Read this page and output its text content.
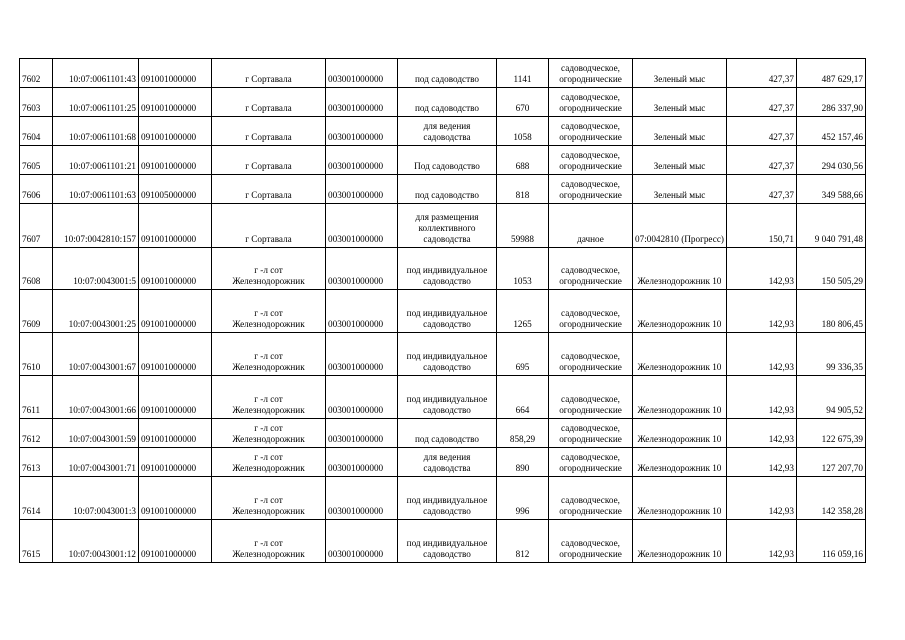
7602	10:07:0061101:43	091001000000	г Сортавала	003001000000	под садоводство	1141	садоводческое,
огороднические	Зеленый мыс	427,37	487 629,17
7603	10:07:0061101:25	091001000000	г Сортавала	003001000000	под садоводство	670	садоводческое,
огороднические	Зеленый мыс	427,37	286 337,90
7604	10:07:0061101:68	091001000000	г Сортавала	003001000000	для ведения
садоводства	1058	садоводческое,
огороднические	Зеленый мыс	427,37	452 157,46
7605	10:07:0061101:21	091001000000	г Сортавала	003001000000	Под садоводство	688	садоводческое,
огороднические	Зеленый мыс	427,37	294 030,56
7606	10:07:0061101:63	091005000000	г Сортавала	003001000000	под садоводство	818	садоводческое,
огороднические	Зеленый мыс	427,37	349 588,66
7607	10:07:0042810:157	091001000000	г Сортавала	003001000000	для размещения
коллективного
садоводства	59988	дачное	07:0042810 (Прогресс)	150,71	9 040 791,48
7608	10:07:0043001:5	091001000000	г -л сот
Железнодорожник	003001000000	под индивидуальное
садоводство	1053	садоводческое,
огороднические	Железнодорожник 10	142,93	150 505,29
7609	10:07:0043001:25	091001000000	г -л сот
Железнодорожник	003001000000	под индивидуальное
садоводство	1265	садоводческое,
огороднические	Железнодорожник 10	142,93	180 806,45
7610	10:07:0043001:67	091001000000	г -л сот
Железнодорожник	003001000000	под индивидуальное
садоводство	695	садоводческое,
огороднические	Железнодорожник 10	142,93	99 336,35
7611	10:07:0043001:66	091001000000	г -л сот
Железнодорожник	003001000000	под индивидуальное
садоводство	664	садоводческое,
огороднические	Железнодорожник 10	142,93	94 905,52
7612	10:07:0043001:59	091001000000	г -л сот
Железнодорожник	003001000000	под садоводство	858,29	садоводческое,
огороднические	Железнодорожник 10	142,93	122 675,39
7613	10:07:0043001:71	091001000000	г -л сот
Железнодорожник	003001000000	для ведения
садоводства	890	садоводческое,
огороднические	Железнодорожник 10	142,93	127 207,70
7614	10:07:0043001:3	091001000000	г -л сот
Железнодорожник	003001000000	под индивидуальное
садоводство	996	садоводческое,
огороднические	Железнодорожник 10	142,93	142 358,28
7615	10:07:0043001:12	091001000000	г -л сот
Железнодорожник	003001000000	под индивидуальное
садоводство	812	садоводческое,
огороднические	Железнодорожник 10	142,93	116 059,16
